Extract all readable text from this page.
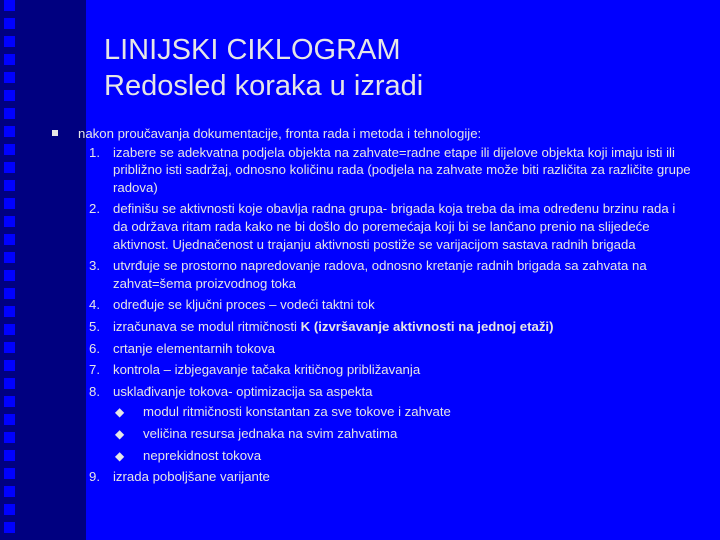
LINIJSKI CIKLOGRAM
Redosled koraka u izradi
nakon proučavanja dokumentacije, fronta rada i metoda i tehnologije:
1. izabere se adekvatna podjela objekta na zahvate=radne etape ili dijelove objekta koji imaju isti ili približno isti sadržaj, odnosno količinu rada (podjela na zahvate može biti različita za različite grupe radova)
2. definišu se aktivnosti koje obavlja radna grupa- brigada koja treba da ima određenu brzinu rada i da održava ritam rada kako ne bi došlo do poremećaja koji bi se lančano prenio na slijedeće aktivnost. Ujednačenost u trajanju aktivnosti postiže se varijacijom sastava radnih brigada
3. utvrđuje se prostorno napredovanje radova, odnosno kretanje radnih brigada sa zahvata na zahvat=šema proizvodnog toka
4. određuje se ključni proces – vodeći taktni tok
5. izračunava se modul ritmičnosti K (izvršavanje aktivnosti na jednoj etaži)
6. crtanje elementarnih tokova
7. kontrola – izbjegavanje tačaka kritičnog približavanja
8. usklađivanje tokova- optimizacija sa aspekta
◆ modul ritmičnosti konstantan za sve tokove i zahvate
◆ veličina resursa jednaka na svim zahvatima
◆ neprekidnost tokova
9. izrada poboljšane varijante
